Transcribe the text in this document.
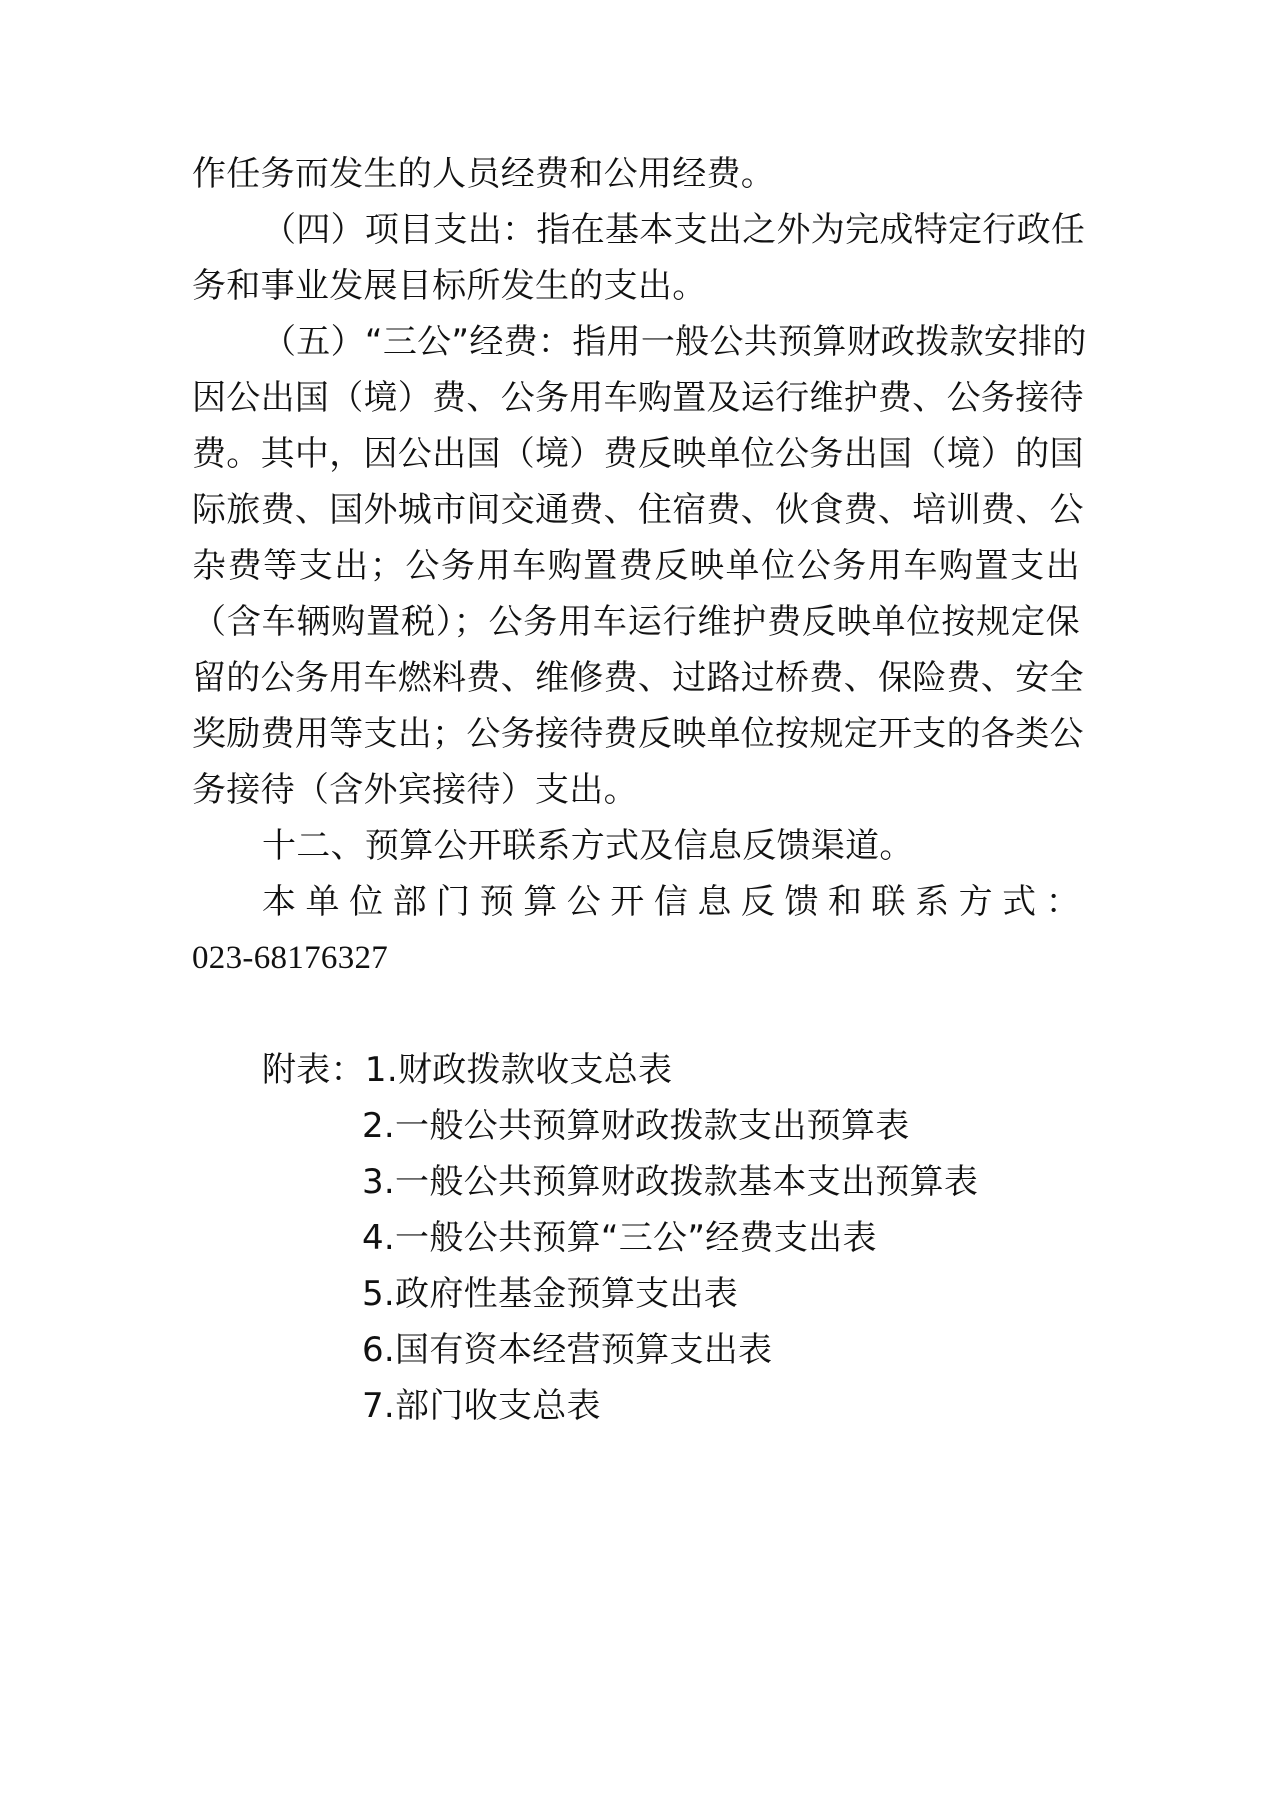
作任务而发生的人员经费和公用经费。
（四）项目支出：指在基本支出之外为完成特定行政任
务和事业发展目标所发生的支出。
（五）“三公”经费：指用一般公共预算财政拨款安排的
因公出国（境）费、公务用车购置及运行维护费、公务接待
费。其中，因公出国（境）费反映单位公务出国（境）的国
际旅费、国外城市间交通费、住宿费、伙食费、培训费、公
杂费等支出；公务用车购置费反映单位公务用车购置支出
（含车辆购置税）；公务用车运行维护费反映单位按规定保
留的公务用车燃料费、维修费、过路过桥费、保险费、安全
奖励费用等支出；公务接待费反映单位按规定开支的各类公
务接待（含外宾接待）支出。
十二、预算公开联系方式及信息反馈渠道。
本单位部门预算公开信息反馈和联系方式：
023-68176327
附表：1.财政拨款收支总表
2.一般公共预算财政拨款支出预算表
3.一般公共预算财政拨款基本支出预算表
4.一般公共预算“三公”经费支出表
5.政府性基金预算支出表
6.国有资本经营预算支出表
7.部门收支总表
